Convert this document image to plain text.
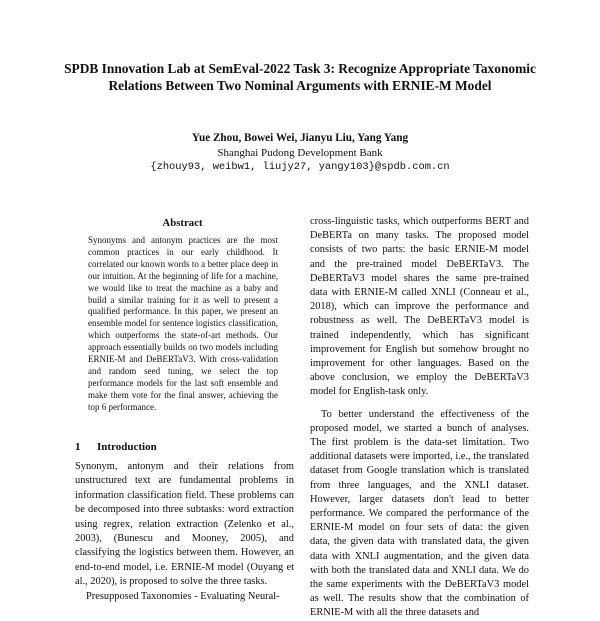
SPDB Innovation Lab at SemEval-2022 Task 3: Recognize Appropriate Taxonomic Relations Between Two Nominal Arguments with ERNIE-M Model
Yue Zhou, Bowei Wei, Jianyu Liu, Yang Yang
Shanghai Pudong Development Bank
{zhouy93, weibw1, liujy27, yangy103}@spdb.com.cn
Abstract

Synonyms and antonym practices are the most common practices in our early childhood. It correlated our known words to a better place deep in our intuition. At the beginning of life for a machine, we would like to treat the machine as a baby and build a similar training for it as well to present a qualified performance. In this paper, we present an ensemble model for sentence logistics classification, which outperforms the state-of-art methods. Our approach essentially builds on two models including ERNIE-M and DeBERTaV3. With cross-validation and random seed tuning, we select the top performance models for the last soft ensemble and make them vote for the final answer, achieving the top 6 performance.

1 Introduction

Synonym, antonym and their relations from unstructured text are fundamental problems in information classification field. These problems can be decomposed into three subtasks: word extraction using regrex, relation extraction (Zelenko et al., 2003), (Bunescu and Mooney, 2005), and classifying the logistics between them. However, an end-to-end model, i.e. ERNIE-M model (Ouyang et al., 2020), is proposed to solve the three tasks.

Presupposed Taxonomies - Evaluating Neural-

cross-linguistic tasks, which outperforms BERT and DeBERTa on many tasks. The proposed model consists of two parts: the basic ERNIE-M model and the pre-trained model DeBERTaV3. The DeBERTaV3 model shares the same pre-trained data with ERNIE-M called XNLI (Conneau et al., 2018), which can improve the performance and robustness as well. The DeBERTaV3 model is trained independently, which has significant improvement for English but somehow brought no improvement for other languages. Based on the above conclusion, we employ the DeBERTaV3 model for English-task only.

To better understand the effectiveness of the proposed model, we started a bunch of analyses. The first problem is the data-set limitation. Two additional datasets were imported, i.e., the translated dataset from Google translation which is translated from three languages, and the XNLI dataset. However, larger datasets don't lead to better performance. We compared the performance of the ERNIE-M model on four sets of data: the given data, the given data with translated data, the given data with XNLI augmentation, and the given data with both the translated data and XNLI data. We do the same experiments with the DeBERTaV3 model as well. The results show that the combination of ERNIE-M with all the three datasets and
